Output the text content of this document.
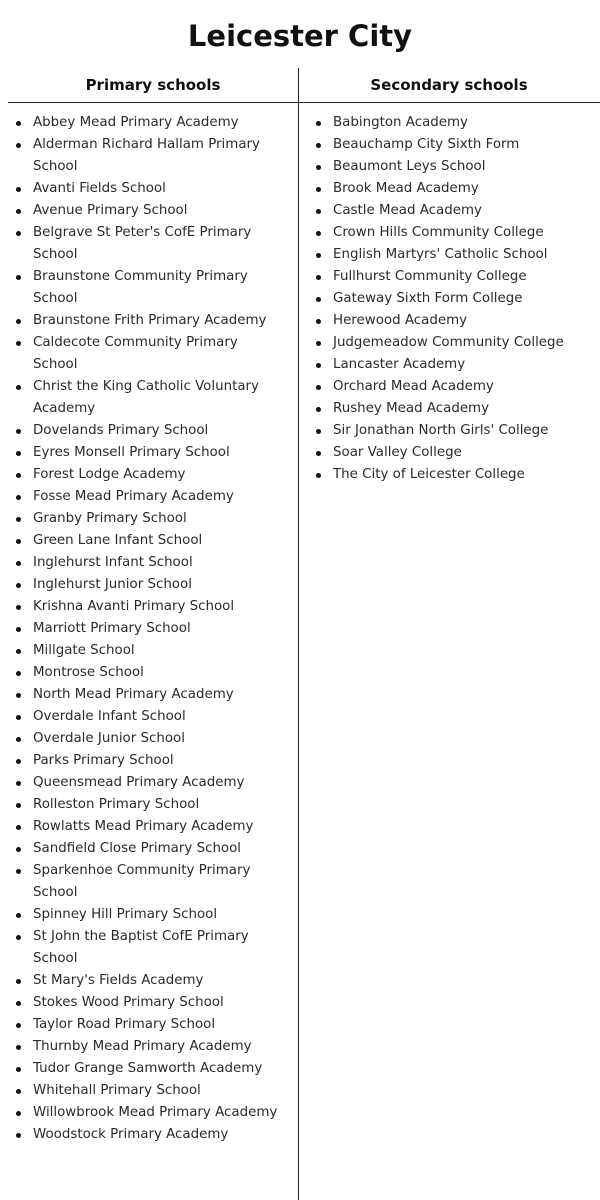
Leicester City
Primary schools	Secondary schools
Abbey Mead Primary Academy
Alderman Richard Hallam Primary School
Avanti Fields School
Avenue Primary School
Belgrave St Peter's CofE Primary School
Braunstone Community Primary School
Braunstone Frith Primary Academy
Caldecote Community Primary School
Christ the King Catholic Voluntary Academy
Dovelands Primary School
Eyres Monsell Primary School
Forest Lodge Academy
Fosse Mead Primary Academy
Granby Primary School
Green Lane Infant School
Inglehurst Infant School
Inglehurst Junior School
Krishna Avanti Primary School
Marriott Primary School
Millgate School
Montrose School
North Mead Primary Academy
Overdale Infant School
Overdale Junior School
Parks Primary School
Queensmead Primary Academy
Rolleston Primary School
Rowlatts Mead Primary Academy
Sandfield Close Primary School
Sparkenhoe Community Primary School
Spinney Hill Primary School
St John the Baptist CofE Primary School
St Mary's Fields Academy
Stokes Wood Primary School
Taylor Road Primary School
Thurnby Mead Primary Academy
Tudor Grange Samworth Academy
Whitehall Primary School
Willowbrook Mead Primary Academy
Woodstock Primary Academy
Babington Academy
Beauchamp City Sixth Form
Beaumont Leys School
Brook Mead Academy
Castle Mead Academy
Crown Hills Community College
English Martyrs' Catholic School
Fullhurst Community College
Gateway Sixth Form College
Herewood Academy
Judgemeadow Community College
Lancaster Academy
Orchard Mead Academy
Rushey Mead Academy
Sir Jonathan North Girls' College
Soar Valley College
The City of Leicester College
